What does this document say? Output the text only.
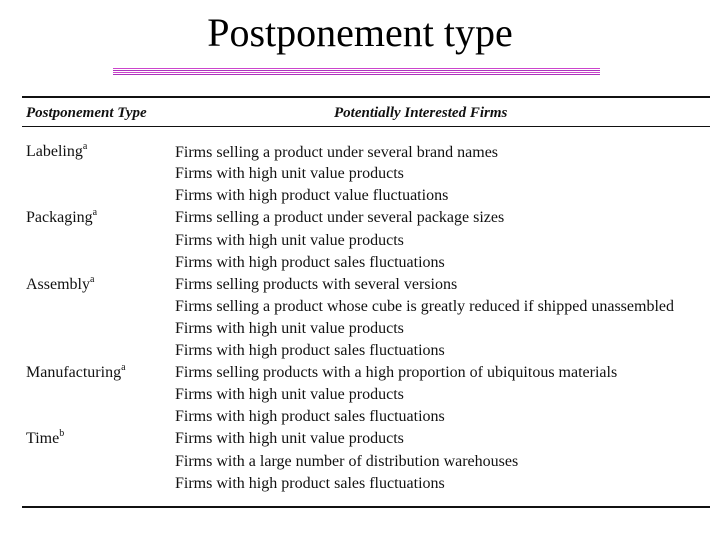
Postponement type
Postponement Type	Potentially Interested Firms
Labeling$^a$	Firms selling a product under several brand names
Firms with high unit value products
Firms with high product value fluctuations
Packaging$^a$	Firms selling a product under several package sizes
Firms with high unit value products
Firms with high product sales fluctuations
Assembly$^a$	Firms selling products with several versions
Firms selling a product whose cube is greatly reduced if shipped unassembled
Firms with high unit value products
Firms with high product sales fluctuations
Manufacturing$^a$	Firms selling products with a high proportion of ubiquitous materials
Firms with high unit value products
Firms with high product sales fluctuations
Time$^b$	Firms with high unit value products
Firms with a large number of distribution warehouses
Firms with high product sales fluctuations
